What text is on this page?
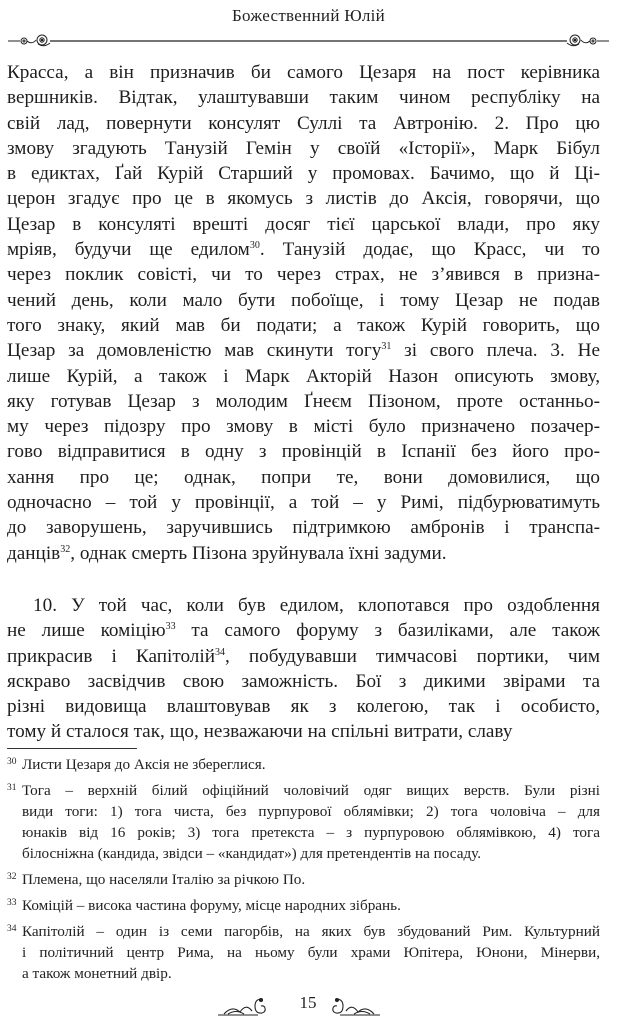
Божественний Юлій
Красса, а він призначив би самого Цезаря на пост керівника
вершників. Відтак, улаштувавши таким чином республіку на
свій лад, повернути консулят Суллі та Автронію. 2. Про цю
змову згадують Танузій Гемін у своїй «Історії», Марк Бібул
в едиктах, Ґай Курій Старший у промовах. Бачимо, що й Ці-
церон згадує про це в якомусь з листів до Аксія, говорячи, що
Цезар в консуляті врешті досяг тієї царської влади, про яку
мріяв, будучи ще едилом$^{30}$. Танузій додає, що Красс, чи то
через поклик совісті, чи то через страх, не з’явився в призна-
чений день, коли мало бути побоїще, і тому Цезар не подав
того знаку, який мав би подати; а також Курій говорить, що
Цезар за домовленістю мав скинути тогу$^{31}$ зі свого плеча. 3. Не
лише Курій, а також і Марк Акторій Назон описують змову,
яку готував Цезар з молодим Ґнеєм Пізоном, проте останньо-
му через підозру про змову в місті було призначено позачер-
гово відправитися в одну з провінцій в Іспанії без його про-
хання про це; однак, попри те, вони домовилися, що
одночасно – той у провінції, а той – у Римі, підбурюватимуть
до заворушень, заручившись підтримкою амбронів і транспа-
данців$^{32}$, однак смерть Пізона зруйнувала їхні задуми.
10. У той час, коли був едилом, клопотався про оздоблення
не лише коміцію$^{33}$ та самого форуму з базиліками, але також
прикрасив і Капітолій$^{34}$, побудувавши тимчасові портики, чим
яскраво засвідчив свою заможність. Бої з дикими звірами та
різні видовища влаштовував як з колегою, так і особисто,
тому й сталося так, що, незважаючи на спільні витрати, славу
30 Листи Цезаря до Аксія не збереглися.
31 Тога – верхній білий офіційний чоловічий одяг вищих верств. Були різні
види тоги: 1) тога чиста, без пурпурової облямівки; 2) тога чоловіча – для
юнаків від 16 років; 3) тога претекста – з пурпуровою облямівкою, 4) тога
білосніжна (кандида, звідси – «кандидат») для претендентів на посаду.
32 Племена, що населяли Італію за річкою По.
33 Коміцій – висока частина форуму, місце народних зібрань.
34 Капітолій – один із семи пагорбів, на яких був збудований Рим. Культурний
і політичний центр Рима, на ньому були храми Юпітера, Юнони, Мінерви,
а також монетний двір.
15
